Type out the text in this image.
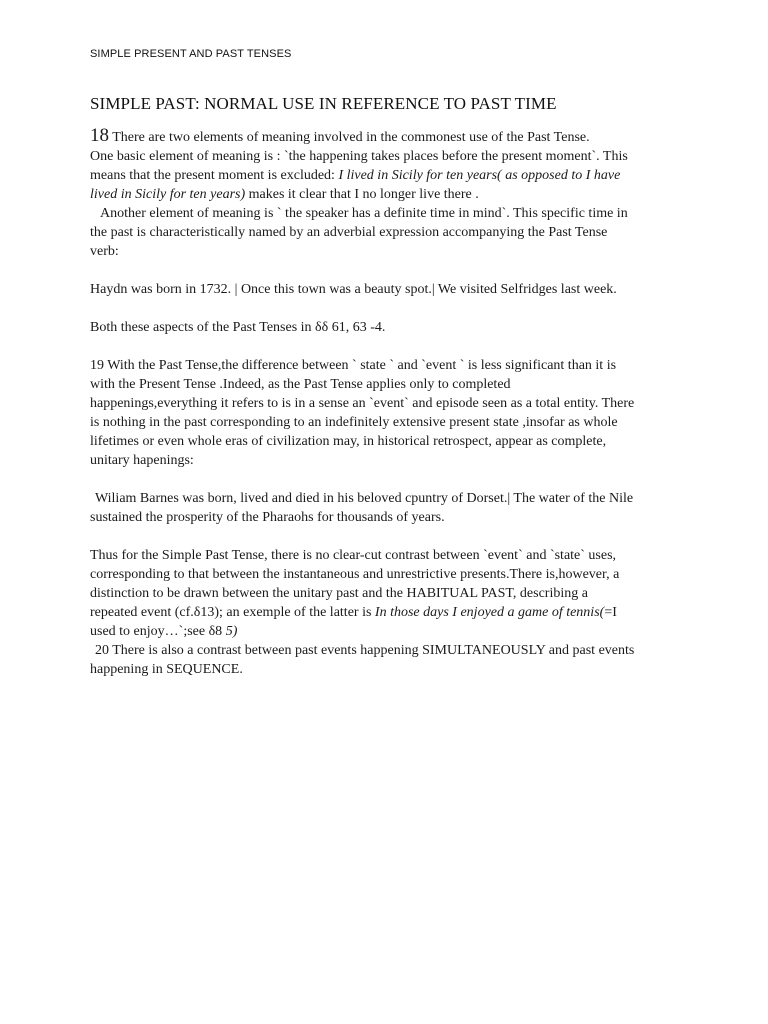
SIMPLE PRESENT AND PAST TENSES
SIMPLE PAST: NORMAL USE IN REFERENCE TO PAST TIME

18 There are two elements of meaning involved in the commonest use of the Past Tense.

One basic element of meaning is : `the happening takes places before the present moment`. This

means that the present moment is excluded: I lived in Sicily for ten years( as opposed to I have

lived in Sicily for ten years) makes it clear that I no longer live there .

Another element of meaning is ` the speaker has a definite time in mind`. This specific time in

the past is characteristically named by an adverbial expression accompanying the Past Tense

verb:

Haydn was born in 1732. | Once this town was a beauty spot.| We visited Selfridges last week.

Both these aspects of the Past Tenses in δδ 61, 63 -4.

19 With the Past Tense,the difference between ` state ` and `event ` is less significant than it is

with the Present Tense .Indeed, as the Past Tense applies only to completed

happenings,everything it refers to is in a sense an `event` and episode seen as a total entity. There

is nothing in the past corresponding to an indefinitely extensive present state ,insofar as whole

lifetimes or even whole eras of civilization may, in historical retrospect, appear as complete,

unitary hapenings:

Wiliam Barnes was born, lived and died in his beloved cpuntry of Dorset.| The water of the Nile

sustained the prosperity of the Pharaohs for thousands of years.

Thus for the Simple Past Tense, there is no clear-cut contrast between `event` and `state` uses,

corresponding to that between the instantaneous and unrestrictive presents.There is,however, a

distinction to be drawn between the unitary past and the HABITUAL PAST, describing a

repeated event (cf.δ13); an exemple of the latter is In those days I enjoyed a game of tennis(=I

used to enjoy…`;see δ8 5)

20 There is also a contrast between past events happening SIMULTANEOUSLY and past events

happening in SEQUENCE.
